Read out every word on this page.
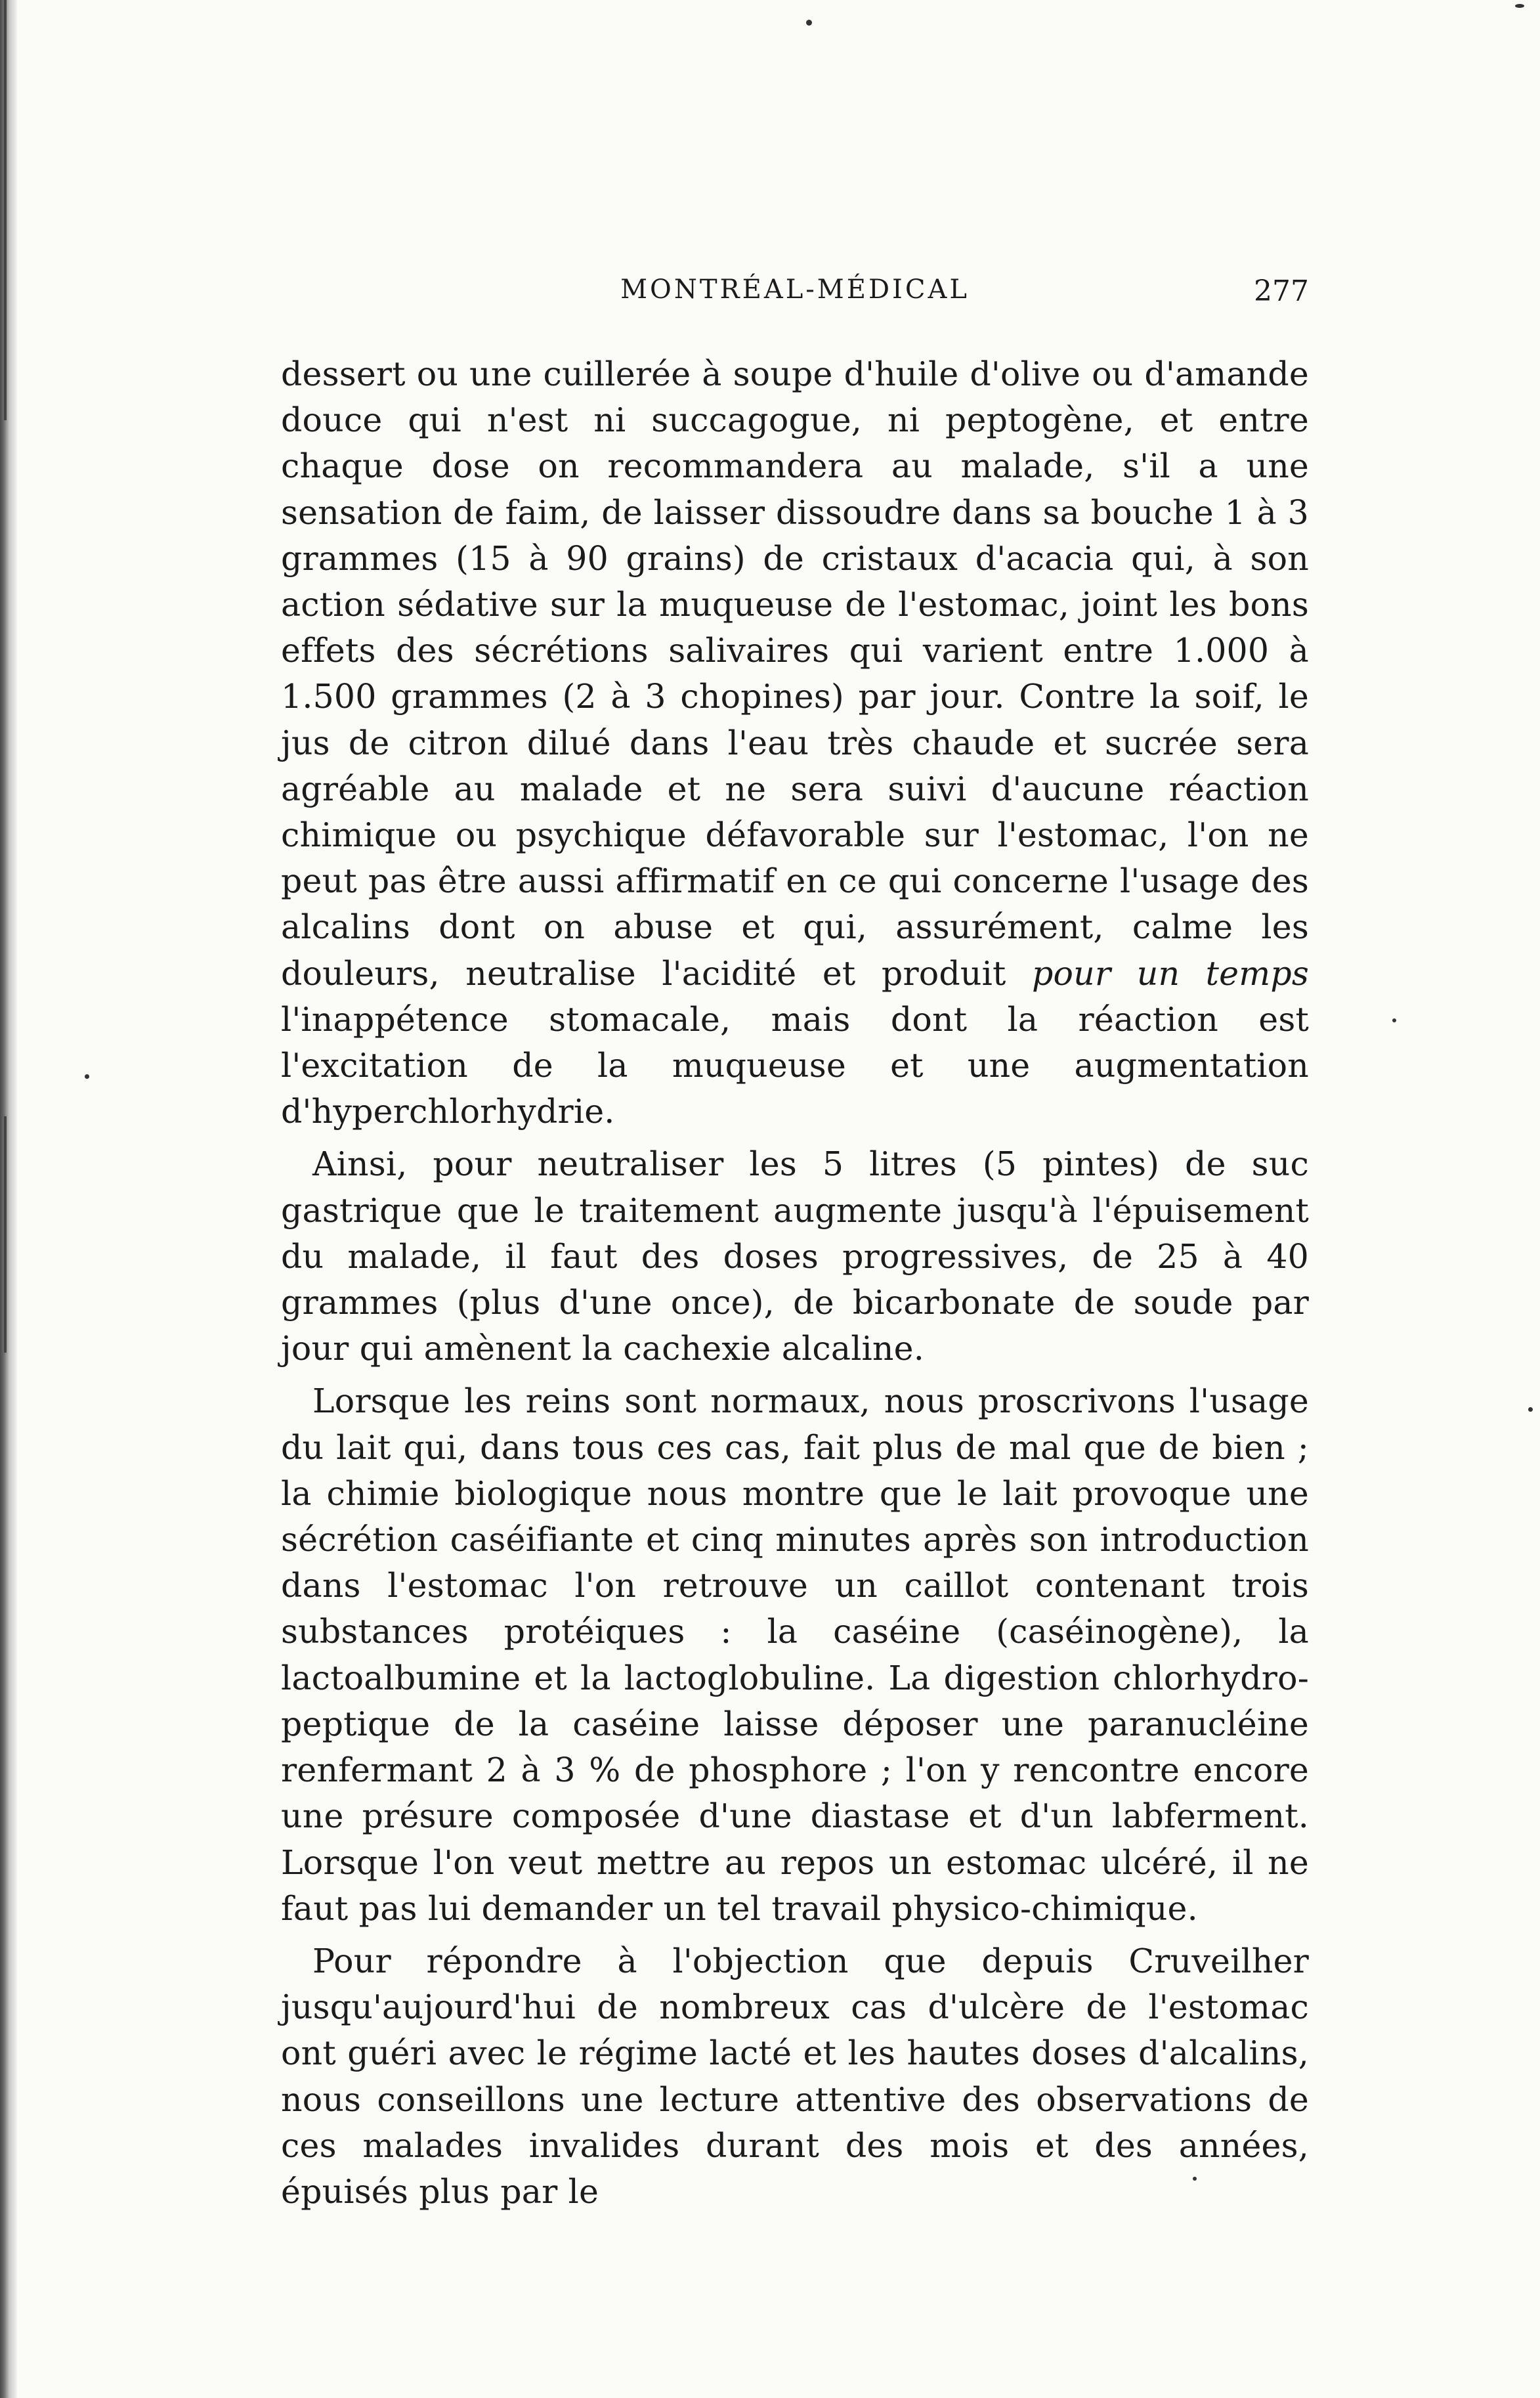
MONTRÉAL-MÉDICAL	277

dessert ou une cuillerée à soupe d'huile d'olive ou d'amande douce qui n'est ni succagogue, ni peptogène, et entre chaque dose on recommandera au malade, s'il a une sensation de faim, de laisser dissoudre dans sa bouche 1 à 3 grammes (15 à 90 grains) de cristaux d'acacia qui, à son action sédative sur la muqueuse de l'estomac, joint les bons effets des sécrétions salivaires qui varient entre 1.000 à 1.500 grammes (2 à 3 chopines) par jour. Contre la soif, le jus de citron dilué dans l'eau très chaude et sucrée sera agréable au malade et ne sera suivi d'aucune réaction chimique ou psychique défavorable sur l'estomac, l'on ne peut pas être aussi affirmatif en ce qui concerne l'usage des alcalins dont on abuse et qui, assurément, calme les douleurs, neutralise l'acidité et produit pour un temps l'inappétence stomacale, mais dont la réaction est l'excitation de la muqueuse et une augmentation d'hyperchlorhydrie.

Ainsi, pour neutraliser les 5 litres (5 pintes) de suc gastrique que le traitement augmente jusqu'à l'épuisement du malade, il faut des doses progressives, de 25 à 40 grammes (plus d'une once), de bicarbonate de soude par jour qui amènent la cachexie alcaline.

Lorsque les reins sont normaux, nous proscrivons l'usage du lait qui, dans tous ces cas, fait plus de mal que de bien ; la chimie biologique nous montre que le lait provoque une sécrétion caséifiante et cinq minutes après son introduction dans l'estomac l'on retrouve un caillot contenant trois substances protéiques : la caséine (caséinogène), la lactoalbumine et la lactoglobuline. La digestion chlorhydro-peptique de la caséine laisse déposer une paranucléine renfermant 2 à 3 % de phosphore ; l'on y rencontre encore une présure composée d'une diastase et d'un labferment. Lorsque l'on veut mettre au repos un estomac ulcéré, il ne faut pas lui demander un tel travail physico-chimique.

Pour répondre à l'objection que depuis Cruveilher jusqu'aujourd'hui de nombreux cas d'ulcère de l'estomac ont guéri avec le régime lacté et les hautes doses d'alcalins, nous conseillons une lecture attentive des observations de ces malades invalides durant des mois et des années, épuisés plus par le
